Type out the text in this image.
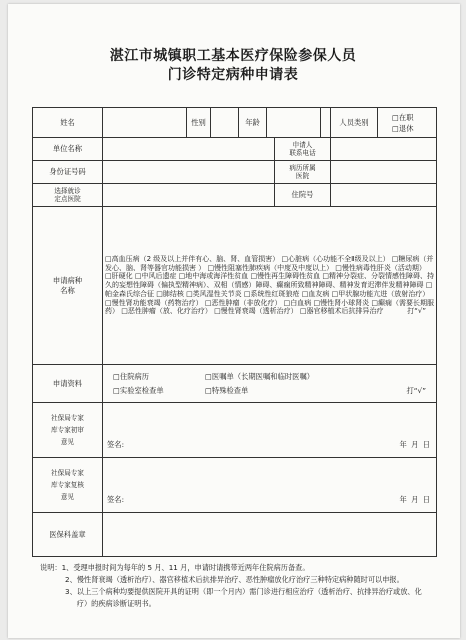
湛江市城镇职工基本医疗保险参保人员
门诊特定病种申请表
姓名		性别		年龄				人员类别
□在职
□退休

单位名称						申请人
联系电话		
身份证号码						病历所属
医院		
选择就诊
定点医院						住院号		
申请病种
名称	□高血压病（2 级及以上并伴有心、脑、肾、血管损害） □心脏病（心功能不全Ⅱ级及以上） □糖尿病（并发心、脑、肾等器官功能损害 ） □慢性阻塞性肺疾病（中度及中度以上） □慢性病毒性肝炎（活动期） □肝硬化 □中风后遗症 □地中海或海洋性贫血 □慢性再生障碍性贫血 □精神分裂症、分裂情感性障碍、持久的妄想性障碍（偏执型精神病）、双相（情感）障碍、癫痫所致精神障碍、精神发育迟滞伴发精神障碍 □帕金森氏综合征 □肺结核 □类风湿性关节炎 □系统性红斑狼疮 □血友病 □甲状腺功能亢进（放射治疗） □慢性肾功能衰竭（药物治疗） □恶性肿瘤（非放化疗） □白血病 □慢性肾小球肾炎 □癫痫（需要长期服药） □恶性肿瘤（放、化疗治疗） □慢性肾衰竭（透析治疗） □器官移植术后抗排异治疗 打“√”							

申请资料	□住院病历 □医嘱单（长期医嘱和临时医嘱）
□实验室检查单 □特殊检查单 打“√”							

社保局专家
库专家初审
意见	签名: 年 月 日							

社保局专家
库专家复核
意见	签名: 年 月 日							

医保科盖章								
说明： 1、 受理申报时间为每年的 5 月、11 月，申请时请携带近两年住院病历备查。
2、 慢性肾衰竭（透析治疗）、器官移植术后抗排异治疗、恶性肿瘤放化疗治疗三种特定病种随时可以申报。
3、 以上三个病种均要提供医院开具的证明（即一个月内）需门诊进行相应治疗（透析治疗、抗排异治疗或放、化疗）的疾病诊断证明书。
